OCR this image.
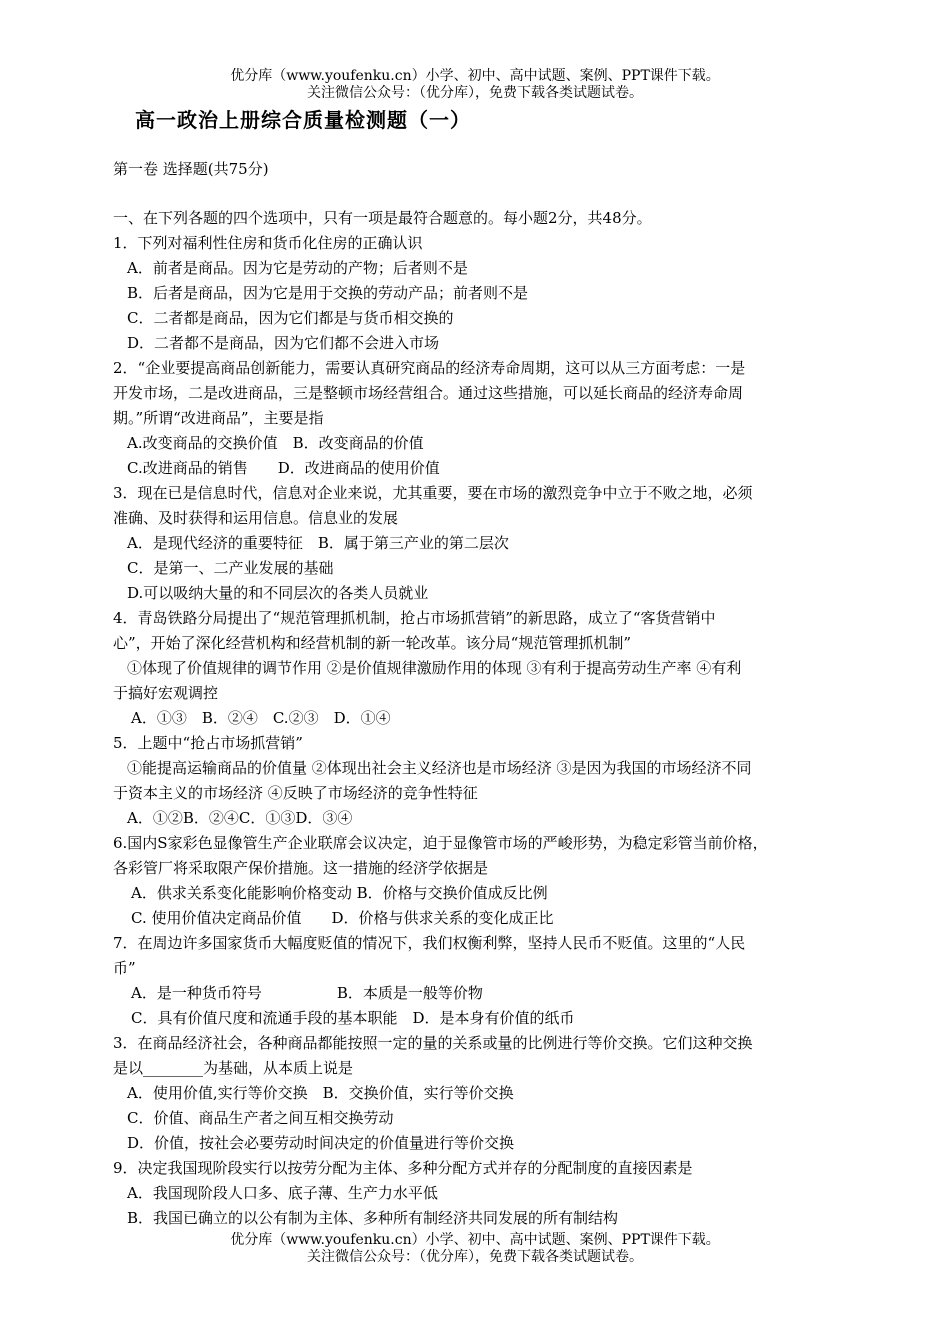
优分库（www.youfenku.cn）小学、初中、高中试题、案例、PPT课件下载。
关注微信公众号：（优分库），免费下载各类试题试卷。
高一政治上册综合质量检测题（一）
第一卷 选择题(共75分)
一、在下列各题的四个选项中，只有一项是最符合题意的。每小题2分，共48分。
1．下列对福利性住房和货币化住房的正确认识
A．前者是商品。因为它是劳动的产物；后者则不是
B．后者是商品，因为它是用于交换的劳动产品；前者则不是
C．二者都是商品，因为它们都是与货币相交换的
D．二者都不是商品，因为它们都不会进入市场
2．“企业要提高商品创新能力，需要认真研究商品的经济寿命周期，这可以从三方面考虑：一是
开发市场，二是改进商品，三是整顿市场经营组合。通过这些措施，可以延长商品的经济寿命周
期。”所谓“改进商品”，主要是指
A.改变商品的交换价值　B．改变商品的价值
C.改进商品的销售　　D．改进商品的使用价值
3．现在已是信息时代，信息对企业来说，尤其重要，要在市场的激烈竞争中立于不败之地，必须
准确、及时获得和运用信息。信息业的发展
A．是现代经济的重要特征　B．属于第三产业的第二层次
C．是第一、二产业发展的基础
D.可以吸纳大量的和不同层次的各类人员就业
4．青岛铁路分局提出了“规范管理抓机制，抢占市场抓营销”的新思路，成立了“客货营销中
心”，开始了深化经营机构和经营机制的新一轮改革。该分局“规范管理抓机制”
①体现了价值规律的调节作用 ②是价值规律激励作用的体现 ③有利于提高劳动生产率 ④有利
于搞好宏观调控
A．①③　B．②④　C.②③　D．①④
5．上题中“抢占市场抓营销”
①能提高运输商品的价值量 ②体现出社会主义经济也是市场经济 ③是因为我国的市场经济不同
于资本主义的市场经济 ④反映了市场经济的竞争性特征
A．①②B．②④C．①③D．③④
6.国内S家彩色显像管生产企业联席会议决定，迫于显像管市场的严峻形势，为稳定彩管当前价格，
各彩管厂将采取限产保价措施。这一措施的经济学依据是
A．供求关系变化能影响价格变动 B．价格与交换价值成反比例
C. 使用价值决定商品价值　　D．价格与供求关系的变化成正比
7．在周边许多国家货币大幅度贬值的情况下，我们权衡利弊，坚持人民币不贬值。这里的“人民
币”
A．是一种货币符号　　　　　B．本质是一般等价物
C．具有价值尺度和流通手段的基本职能　D．是本身有价值的纸币
3．在商品经济社会，各种商品都能按照一定的量的关系或量的比例进行等价交换。它们这种交换
是以________为基础，从本质上说是
A．使用价值,实行等价交换　B．交换价值，实行等价交换
C．价值、商品生产者之间互相交换劳动
D．价值，按社会必要劳动时间决定的价值量进行等价交换
9．决定我国现阶段实行以按劳分配为主体、多种分配方式并存的分配制度的直接因素是
A．我国现阶段人口多、底子薄、生产力水平低
B．我国已确立的以公有制为主体、多种所有制经济共同发展的所有制结构
优分库（www.youfenku.cn）小学、初中、高中试题、案例、PPT课件下载。
关注微信公众号：（优分库），免费下载各类试题试卷。
